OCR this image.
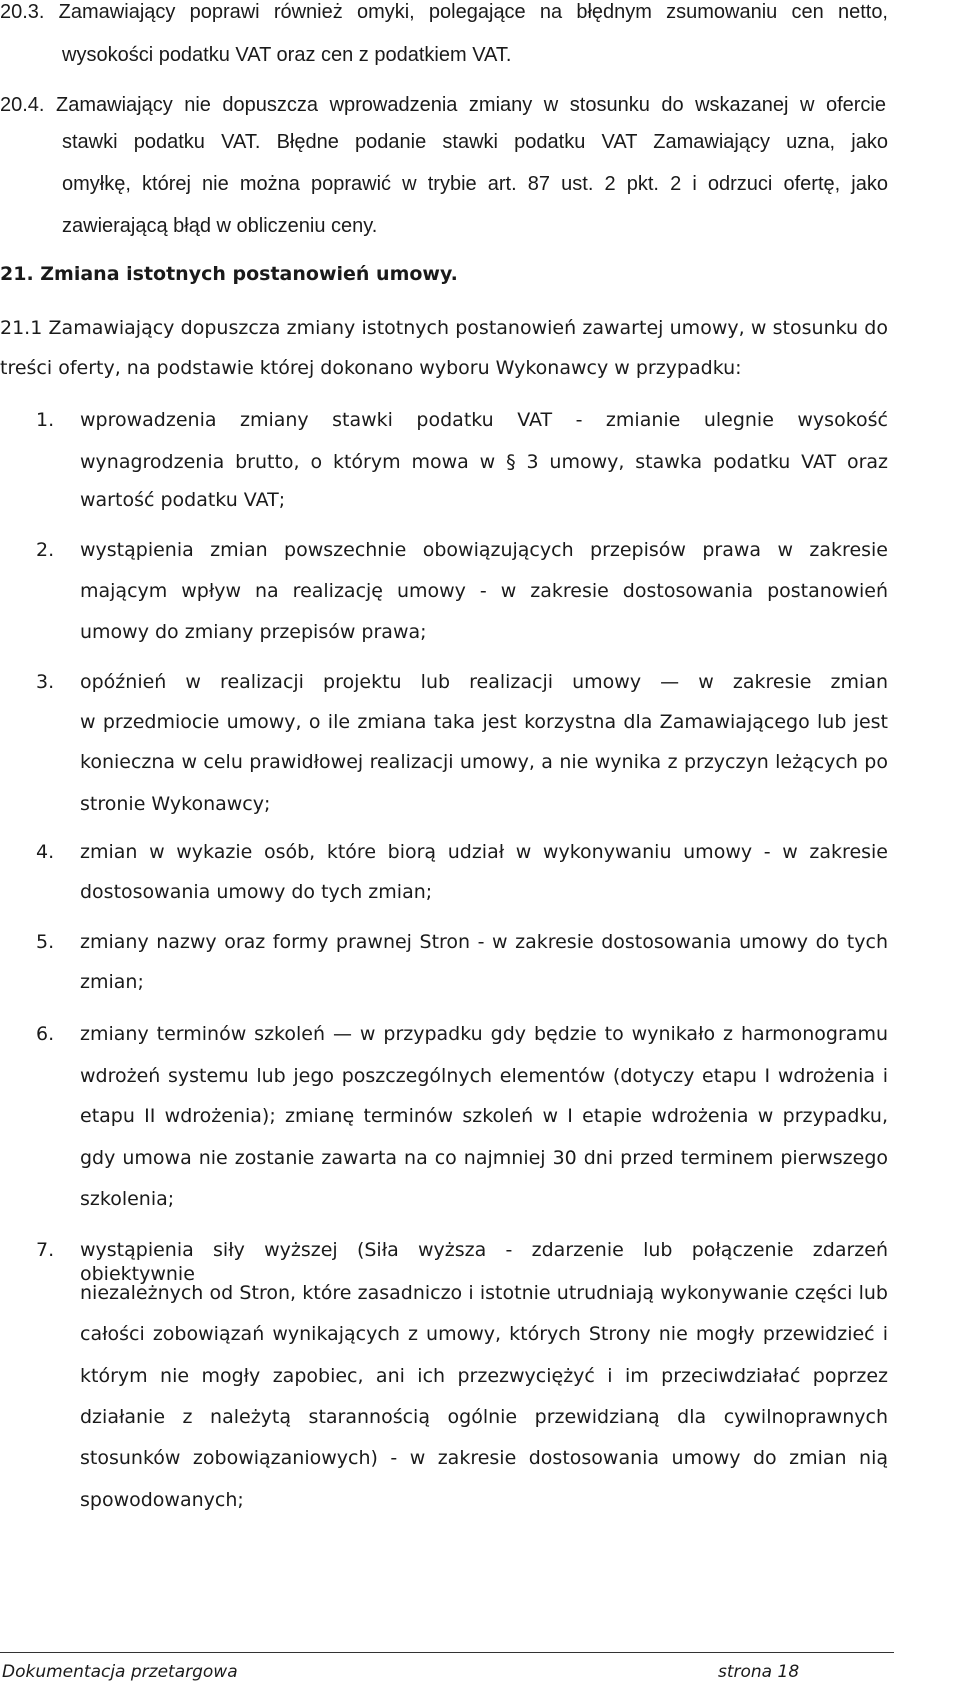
20.3. Zamawiający poprawi również omyki, polegające na błędnym zsumowaniu cen netto,
wysokości podatku VAT oraz cen z podatkiem VAT.
20.4. Zamawiający nie dopuszcza wprowadzenia zmiany w stosunku do wskazanej w ofercie
stawki podatku VAT. Błędne podanie stawki podatku VAT Zamawiający uzna, jako
omyłkę, której nie można poprawić w trybie art. 87 ust. 2 pkt. 2 i odrzuci ofertę, jako
zawierającą błąd w obliczeniu ceny.
21. Zmiana istotnych postanowień umowy.
21.1 Zamawiający dopuszcza zmiany istotnych postanowień zawartej umowy, w stosunku do
treści oferty, na podstawie której dokonano wyboru Wykonawcy w przypadku:
1. wprowadzenia zmiany stawki podatku VAT - zmianie ulegnie wysokość
wynagrodzenia brutto, o którym mowa w § 3 umowy, stawka podatku VAT oraz
wartość podatku VAT;
2. wystąpienia zmian powszechnie obowiązujących przepisów prawa w zakresie
mającym wpływ na realizację umowy - w zakresie dostosowania postanowień
umowy do zmiany przepisów prawa;
3. opóźnień w realizacji projektu lub realizacji umowy — w zakresie zmian
w przedmiocie umowy, o ile zmiana taka jest korzystna dla Zamawiającego lub jest
konieczna w celu prawidłowej realizacji umowy, a nie wynika z przyczyn leżących po
stronie Wykonawcy;
4. zmian w wykazie osób, które biorą udział w wykonywaniu umowy - w zakresie
dostosowania umowy do tych zmian;
5. zmiany nazwy oraz formy prawnej Stron - w zakresie dostosowania umowy do tych
zmian;
6. zmiany terminów szkoleń — w przypadku gdy będzie to wynikało z harmonogramu
wdrożeń systemu lub jego poszczególnych elementów (dotyczy etapu I wdrożenia i
etapu II wdrożenia); zmianę terminów szkoleń w I etapie wdrożenia w przypadku,
gdy umowa nie zostanie zawarta na co najmniej 30 dni przed terminem pierwszego
szkolenia;
7. wystąpienia siły wyższej (Siła wyższa - zdarzenie lub połączenie zdarzeń obiektywnie
niezależnych od Stron, które zasadniczo i istotnie utrudniają wykonywanie części lub
całości zobowiązań wynikających z umowy, których Strony nie mogły przewidzieć i
którym nie mogły zapobiec, ani ich przezwyciężyć i im przeciwdziałać poprzez
działanie z należytą starannością ogólnie przewidzianą dla cywilnoprawnych
stosunków zobowiązaniowych) - w zakresie dostosowania umowy do zmian nią
spowodowanych;
Dokumentacja przetargowa	strona 18
